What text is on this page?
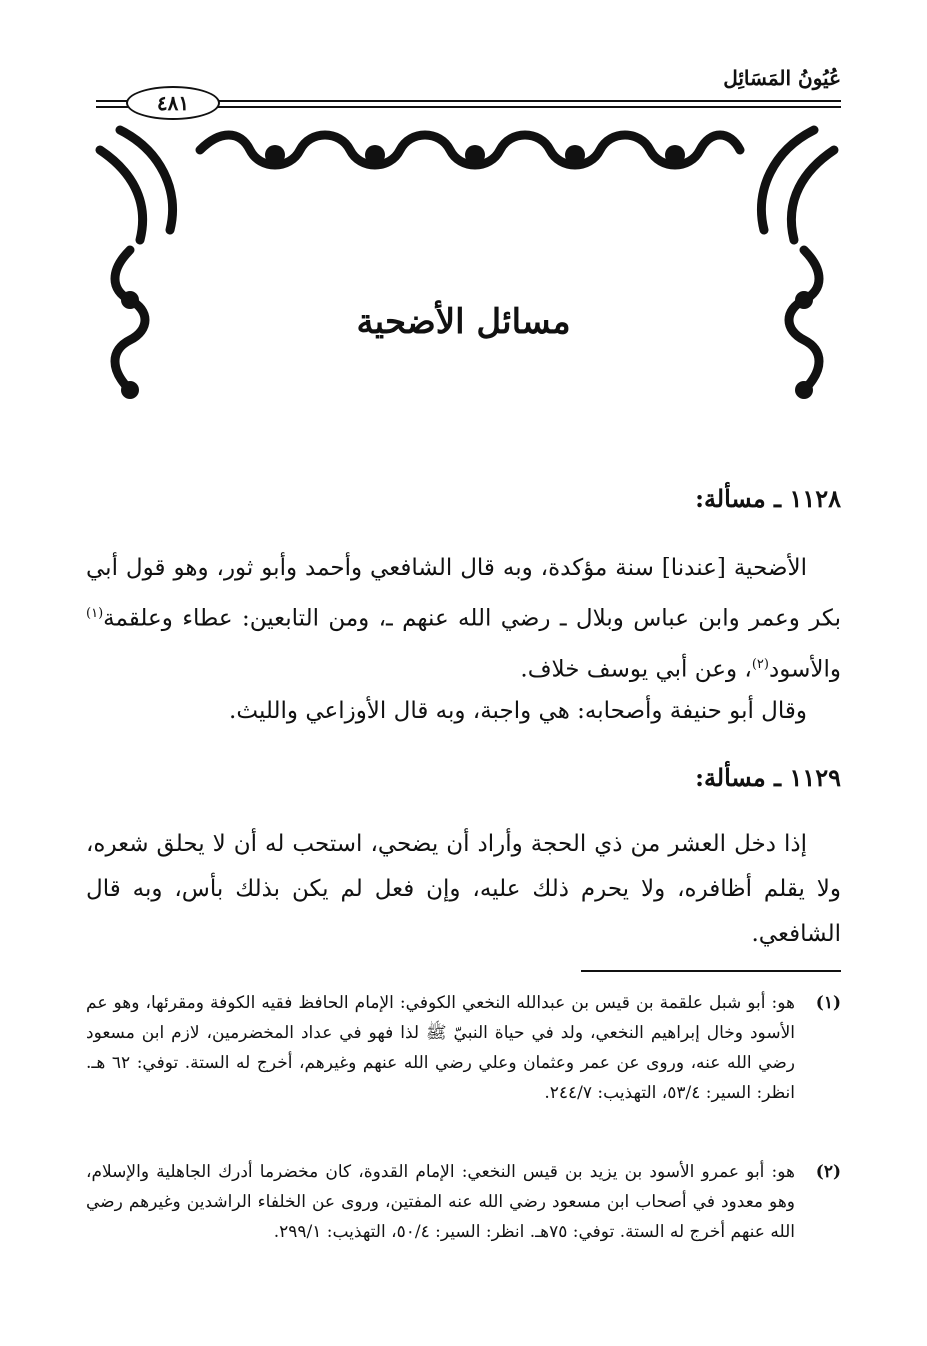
عُيُونُ المَسَائِل
٤٨١
مسائل الأضحية
١١٢٨ ـ مسألة:
الأضحية [عندنا] سنة مؤكدة، وبه قال الشافعي وأحمد وأبو ثور، وهو قول أبي بكر وعمر وابن عباس وبلال ـ رضي الله عنهم ـ، ومن التابعين: عطاء وعلقمة$^{(١)}$ والأسود$^{(٢)}$، وعن أبي يوسف خلاف.
وقال أبو حنيفة وأصحابه: هي واجبة، وبه قال الأوزاعي والليث.
١١٢٩ ـ مسألة:
إذا دخل العشر من ذي الحجة وأراد أن يضحي، استحب له أن لا يحلق شعره، ولا يقلم أظافره، ولا يحرم ذلك عليه، وإن فعل لم يكن بذلك بأس، وبه قال الشافعي.
(١)
هو: أبو شبل علقمة بن قيس بن عبدالله النخعي الكوفي: الإمام الحافظ فقيه الكوفة ومقرئها، وهو عم الأسود وخال إبراهيم النخعي، ولد في حياة النبيّ ﷺ لذا فهو في عداد المخضرمين، لازم ابن مسعود رضي الله عنه، وروى عن عمر وعثمان وعلي رضي الله عنهم وغيرهم، أخرج له الستة. توفي: ٦٢ هـ. انظر: السير: ٥٣/٤، التهذيب: ٢٤٤/٧.
(٢)
هو: أبو عمرو الأسود بن يزيد بن قيس النخعي: الإمام القدوة، كان مخضرما أدرك الجاهلية والإسلام، وهو معدود في أصحاب ابن مسعود رضي الله عنه المفتين، وروى عن الخلفاء الراشدين وغيرهم رضي الله عنهم أخرج له الستة. توفي: ٧٥هـ. انظر: السير: ٥٠/٤، التهذيب: ٢٩٩/١.
